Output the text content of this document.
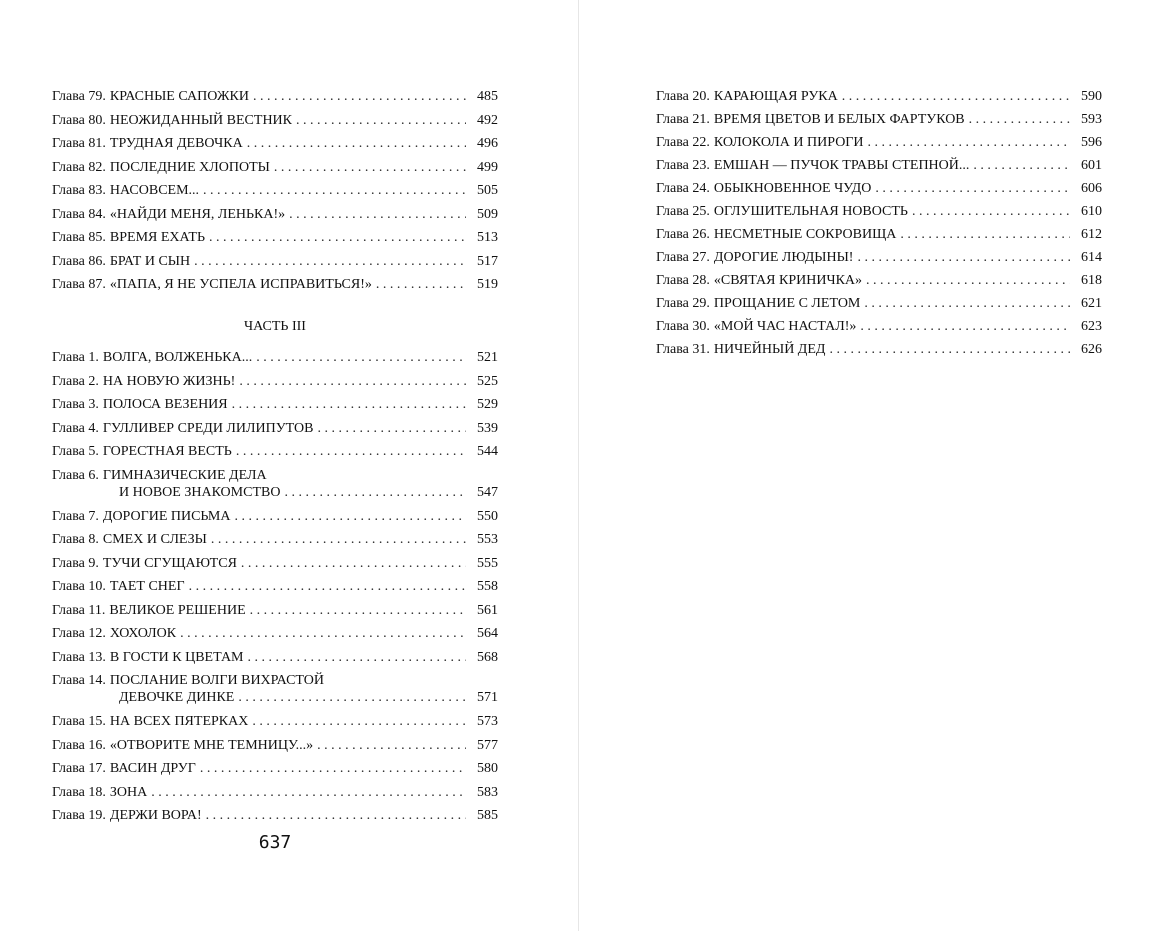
Глава 79. КРАСНЫЕ САПОЖКИ . . .	485
Глава 80. НЕОЖИДАННЫЙ ВЕСТНИК . . .	492
Глава 81. ТРУДНАЯ ДЕВОЧКА . . .	496
Глава 82. ПОСЛЕДНИЕ ХЛОПОТЫ . . .	499
Глава 83. НАСОВСЕМ... . . .	505
Глава 84. «НАЙДИ МЕНЯ, ЛЕНЬКА!» . . .	509
Глава 85. ВРЕМЯ ЕХАТЬ . . .	513
Глава 86. БРАТ И СЫН . . .	517
Глава 87. «ПАПА, Я НЕ УСПЕЛА ИСПРАВИТЬСЯ!» . . .	519
ЧАСТЬ III
Глава 1. ВОЛГА, ВОЛЖЕНЬКА... . . .	521
Глава 2. НА НОВУЮ ЖИЗНЬ! . . .	525
Глава 3. ПОЛОСА ВЕЗЕНИЯ . . .	529
Глава 4. ГУЛЛИВЕР СРЕДИ ЛИЛИПУТОВ . . .	539
Глава 5. ГОРЕСТНАЯ ВЕСТЬ . . .	544
Глава 6. ГИМНАЗИЧЕСКИЕ ДЕЛА
И НОВОЕ ЗНАКОМСТВО . . .	547
Глава 7. ДОРОГИЕ ПИСЬМА . . .	550
Глава 8. СМЕХ И СЛЕЗЫ . . .	553
Глава 9. ТУЧИ СГУЩАЮТСЯ . . .	555
Глава 10. ТАЕТ СНЕГ . . .	558
Глава 11. ВЕЛИКОЕ РЕШЕНИЕ . . .	561
Глава 12. ХОХОЛОК . . .	564
Глава 13. В ГОСТИ К ЦВЕТАМ . . .	568
Глава 14. ПОСЛАНИЕ ВОЛГИ ВИХРАСТОЙ
ДЕВОЧКЕ ДИНКЕ . . .	571
Глава 15. НА ВСЕХ ПЯТЕРКАХ . . .	573
Глава 16. «ОТВОРИТЕ МНЕ ТЕМНИЦУ...» . . .	577
Глава 17. ВАСИН ДРУГ . . .	580
Глава 18. ЗОНА . . .	583
Глава 19. ДЕРЖИ ВОРА! . . .	585
637
Глава 20. КАРАЮЩАЯ РУКА . . .	590
Глава 21. ВРЕМЯ ЦВЕТОВ И БЕЛЫХ ФАРТУКОВ . . .	593
Глава 22. КОЛОКОЛА И ПИРОГИ . . .	596
Глава 23. ЕМШАН — ПУЧОК ТРАВЫ СТЕПНОЙ... . . .	601
Глава 24. ОБЫКНОВЕННОЕ ЧУДО . . .	606
Глава 25. ОГЛУШИТЕЛЬНАЯ НОВОСТЬ . . .	610
Глава 26. НЕСМЕТНЫЕ СОКРОВИЩА . . .	612
Глава 27. ДОРОГИЕ ЛЮДЫНЫ! . . .	614
Глава 28. «СВЯТАЯ КРИНИЧКА» . . .	618
Глава 29. ПРОЩАНИЕ С ЛЕТОМ . . .	621
Глава 30. «МОЙ ЧАС НАСТАЛ!» . . .	623
Глава 31. НИЧЕЙНЫЙ ДЕД . . .	626
